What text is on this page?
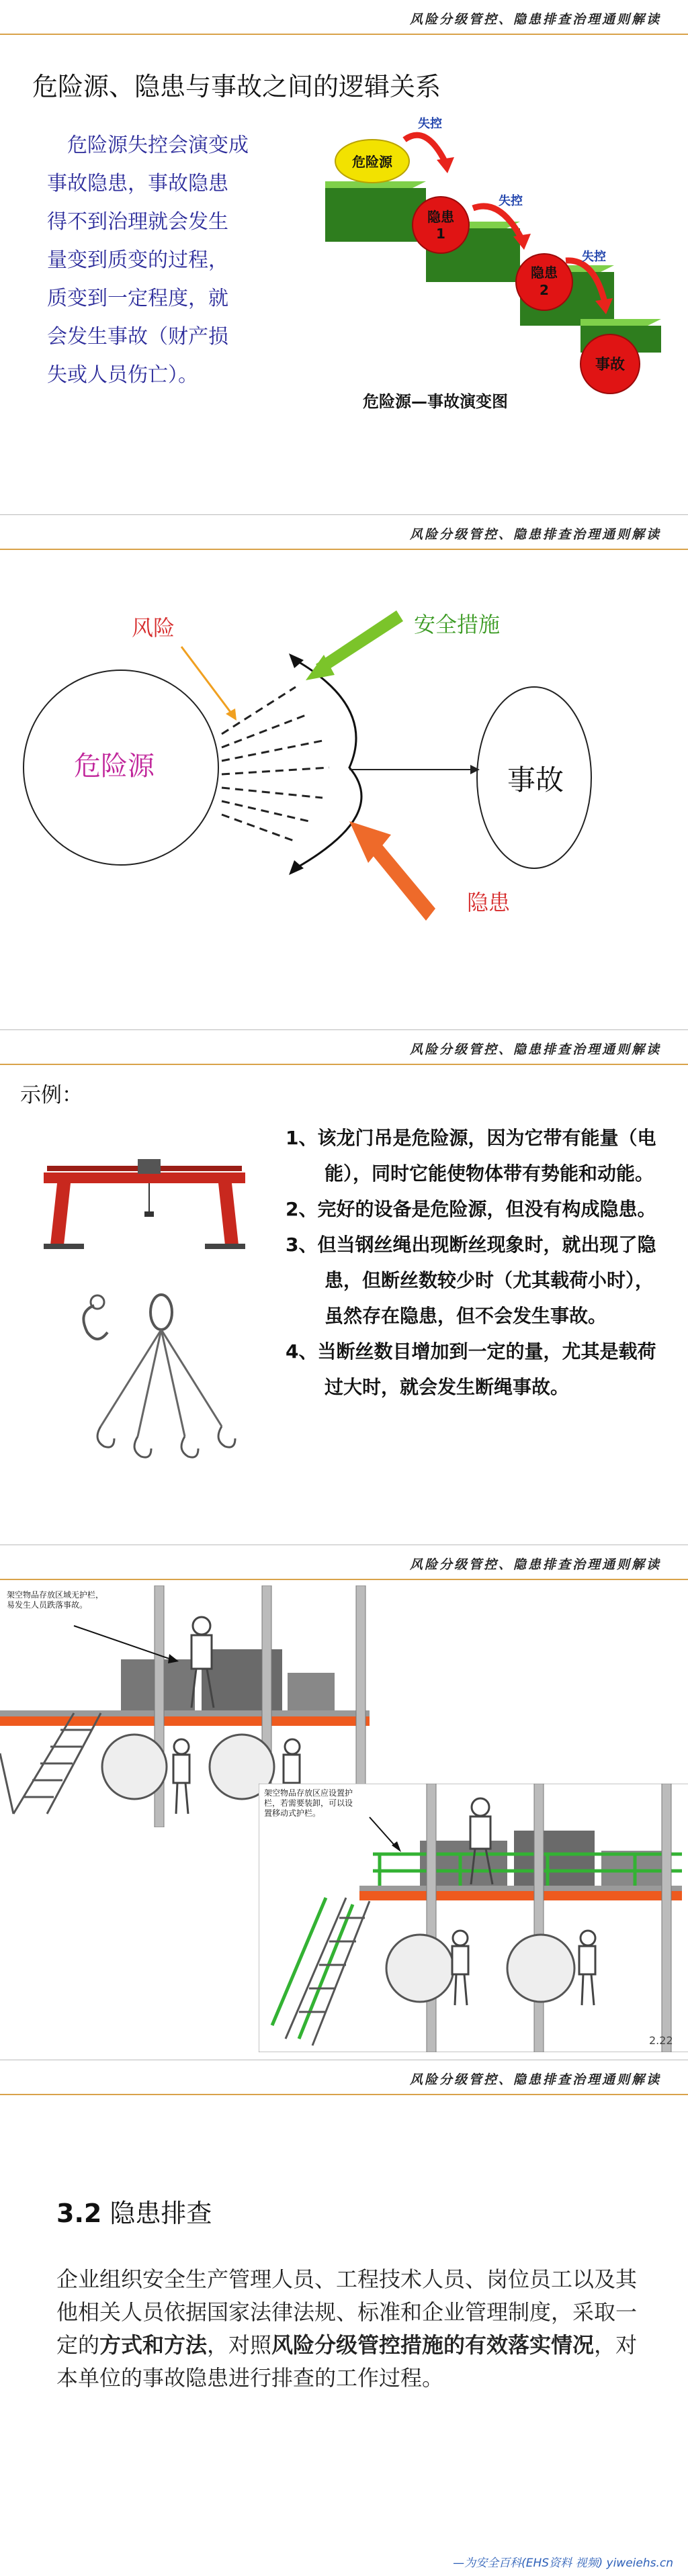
风险分级管控、隐患排查治理通则解读
危险源、隐患与事故之间的逻辑关系
危险源失控会演变成
事故隐患，事故隐患
得不到治理就会发生
量变到质变的过程，
质变到一定程度，就
会发生事故（财产损
失或人员伤亡）。
危险源
隐患
1
隐患
2
事故
失控
失控
失控
危险源—事故演变图
风险分级管控、隐患排查治理通则解读
危险源	事故
风险	安全措施
隐患
风险分级管控、隐患排查治理通则解读
示例：
1、该龙门吊是危险源，因为它带有能量（电能），同时它能使物体带有势能和动能。
2、完好的设备是危险源，但没有构成隐患。
3、但当钢丝绳出现断丝现象时，就出现了隐患，但断丝数较少时（尤其载荷小时），虽然存在隐患，但不会发生事故。
4、当断丝数目增加到一定的量，尤其是载荷过大时，就会发生断绳事故。
风险分级管控、隐患排查治理通则解读
架空物品存放区域无护栏，
易发生人员跌落事故。
架空物品存放区应设置护
栏，若需要装卸，可以设
置移动式护栏。
2.22
风险分级管控、隐患排查治理通则解读
3.2 隐患排查
企业组织安全生产管理人员、工程技术人员、岗位员工以及其他相关人员依据国家法律法规、标准和企业管理制度，采取一定的方式和方法，对照风险分级管控措施的有效落实情况，对本单位的事故隐患进行排查的工作过程。
—为安全百科(EHS资料 视频) yiweiehs.cn
